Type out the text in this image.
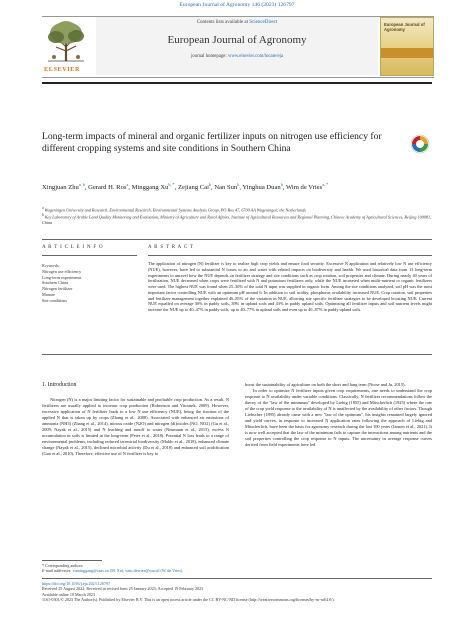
European Journal of Agronomy 146 (2023) 126797
ELSEVIER
Contents lists available at ScienceDirect
European Journal of Agronomy
journal homepage: www.elsevier.com/locate/eja
European Journal of Agronomy
Long-term impacts of mineral and organic fertilizer inputs on nitrogen use efficiency for different cropping systems and site conditions in Southern China
Xingjuan Zhu$^{a, b}$, Gerard H. Ros$^a$, Minggang $Xu^{b, *}$, Zejiang Cai$^b$, Nan Sun$^b$, Yinghua Duan$^b$, Wim de Vries$^{a, *}$
$^a$ Wageningen University and Research, Environmental Research, Environmental Systems Analysis Group, PO Box 47, 6700 AA Wageningen, the Netherlands
$^b$ Key Laboratory of Arable Land Quality Monitoring and Evaluation, Ministry of Agriculture and Rural Affairs, Institute of Agricultural Resources and Regional Planning, Chinese Academy of Agricultural Sciences, Beijing 100081, China
A R T I C L E I N F O	A B S T R A C T
Keywords:
Nitrogen use efficiency
Long-term experiments
Southern China
Nitrogen fertilizer
Manure
Site conditions
The application of nitrogen (N) fertilizer is key to realize high crop yields and ensure food security. Excessive N application and relatively low N use efficiency (NUE), however, have led to substantial N losses to air and water with related impacts on biodiversity and health. We used historical data from 13 long-term experiments to unravel how the NUE depends on fertilizer strategy and site conditions such as crop rotation, soil properties and climate. During nearly 40 years of fertilization, NUE decreased when crops were fertilized with N and potassium fertilizers only, while the NUE increased when multi-nutrient or organic fertilizers were used. The highest NUE was found when 25–30% of the total N input was supplied in organic form. Among the site conditions analyzed, soil pH was the most important factor controlling NUE with an optimum pH around 6. In addition to soil acidity, phosphorus availability increased NUE. Crop rotation, soil properties and fertilizer management together explained 46–85% of the variation in NUE, allowing site specific fertilizer strategies to be developed boosting NUE. Current NUE equalled on average 30% in paddy soils, 39% in upland soils and 43% in paddy upland soils. Optimizing all fertilizer inputs and soil nutrient levels might increase the NUE up to 40–47% in paddy soils, up to 40–77% in upland soils and even up to 40–87% in paddy upland soils.
1. Introduction
Nitrogen (N) is a major limiting factor for sustainable and profitable crop production. As a result, N fertilizers are usually applied to increase crop production (Robertson and Vitousek, 2009). However, excessive application of N fertilizer leads to a low N use efficiency (NUE), being the fraction of the applied N that is taken up by crops (Zhang et al., 2008). Associated with enhanced air emissions of ammonia (NH3) (Zhang et al., 2014), nitrous oxide (N2O) and nitrogen (di)oxides (NO, NO2) (Gu et al., 2009; Nayak et al., 2015) and N leaching and runoff to water (Neumann et al., 2013), excess N accumulation in soils is limited in the long-term (Peter et al., 2018). Potential N loss leads to a range of environmental problems, including reduced terrestrial biodiversity (Maldo et al., 2018), enhanced climate change (Nayak et al., 2015), declined microbial activity (Du et al., 2018) and enhanced soil acidification (Guo et al., 2010). Therefore, effective use of N fertilizer is key to
boost the sustainability of agriculture on both the short and long term (Norse and Ju, 2015).
In order to optimize N fertilizer inputs given crop requirements, one needs to understand the crop response to N availability under variable conditions. Classically, N fertilizer recommendations follow the theory of the "law of the minimum" developed by Liebig (1855) and Mitscherlich (1925) where the rate of the crop yield response to the availability of N is unaffected by the availability of other factors. Though Liebscher (1895) already came with a new "law of the optimum", his insights remained largely ignored and yield curves, in response to increased N application rates following the approach of Liebig and Mitscherlich, have been the basis for agronomy research during the last 100 years (Jansen et al., 2021). It is now well accepted that the law of the minimum fails to capture the interactions among nutrients and the soil properties controlling the crop response to N inputs. The uncertainty in average response curves derived from field experiments have led
* Corresponding authors.
E-mail addresses: xuminggang@caas.cn (M. Xu), wim.devries@wur.nl (W. de Vries).
https://doi.org/10.1016/j.eja.2023.126797
Received 25 August 2022; Received in revised form 25 January 2023; Accepted 19 February 2023
Available online 10 March 2023
1161-0301/© 2023 The Author(s). Published by Elsevier B.V. This is an open access article under the CC BY-NC-ND license (http://creativecommons.org/licenses/by-nc-nd/4.0/).
